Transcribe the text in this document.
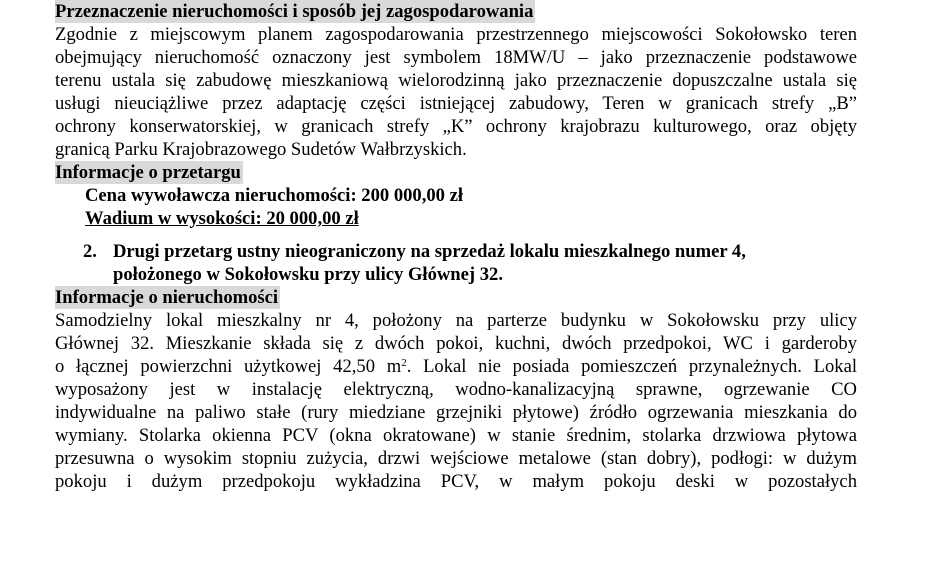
Przeznaczenie nieruchomości i sposób jej zagospodarowania
Zgodnie z miejscowym planem zagospodarowania przestrzennego miejscowości Sokołowsko teren
obejmujący nieruchomość oznaczony jest symbolem 18MW/U – jako przeznaczenie podstawowe
terenu ustala się zabudowę mieszkaniową wielorodzinną jako przeznaczenie dopuszczalne ustala się
usługi nieuciążliwe przez adaptację części istniejącej zabudowy, Teren w granicach strefy „B”
ochrony konserwatorskiej, w granicach strefy „K” ochrony krajobrazu kulturowego, oraz objęty
granicą Parku Krajobrazowego Sudetów Wałbrzyskich.
Informacje o przetargu
Cena wywoławcza nieruchomości: 200 000,00 zł
Wadium w wysokości: 20 000,00 zł
2. Drugi przetarg ustny nieograniczony na sprzedaż lokalu mieszkalnego numer 4,
położonego w Sokołowsku przy ulicy Głównej 32.
Informacje o nieruchomości
Samodzielny lokal mieszkalny nr 4, położony na parterze budynku w Sokołowsku przy ulicy
Głównej 32. Mieszkanie składa się z dwóch pokoi, kuchni, dwóch przedpokoi, WC i garderoby
o łącznej powierzchni użytkowej 42,50 $m^2$. Lokal nie posiada pomieszczeń przynależnych. Lokal
wyposażony jest w instalację elektryczną, wodno-kanalizacyjną sprawne, ogrzewanie CO
indywidualne na paliwo stałe (rury miedziane grzejniki płytowe) źródło ogrzewania mieszkania do
wymiany. Stolarka okienna PCV (okna okratowane) w stanie średnim, stolarka drzwiowa płytowa
przesuwna o wysokim stopniu zużycia, drzwi wejściowe metalowe (stan dobry), podłogi: w dużym
pokoju i dużym przedpokoju wykładzina PCV, w małym pokoju deski w pozostałych
